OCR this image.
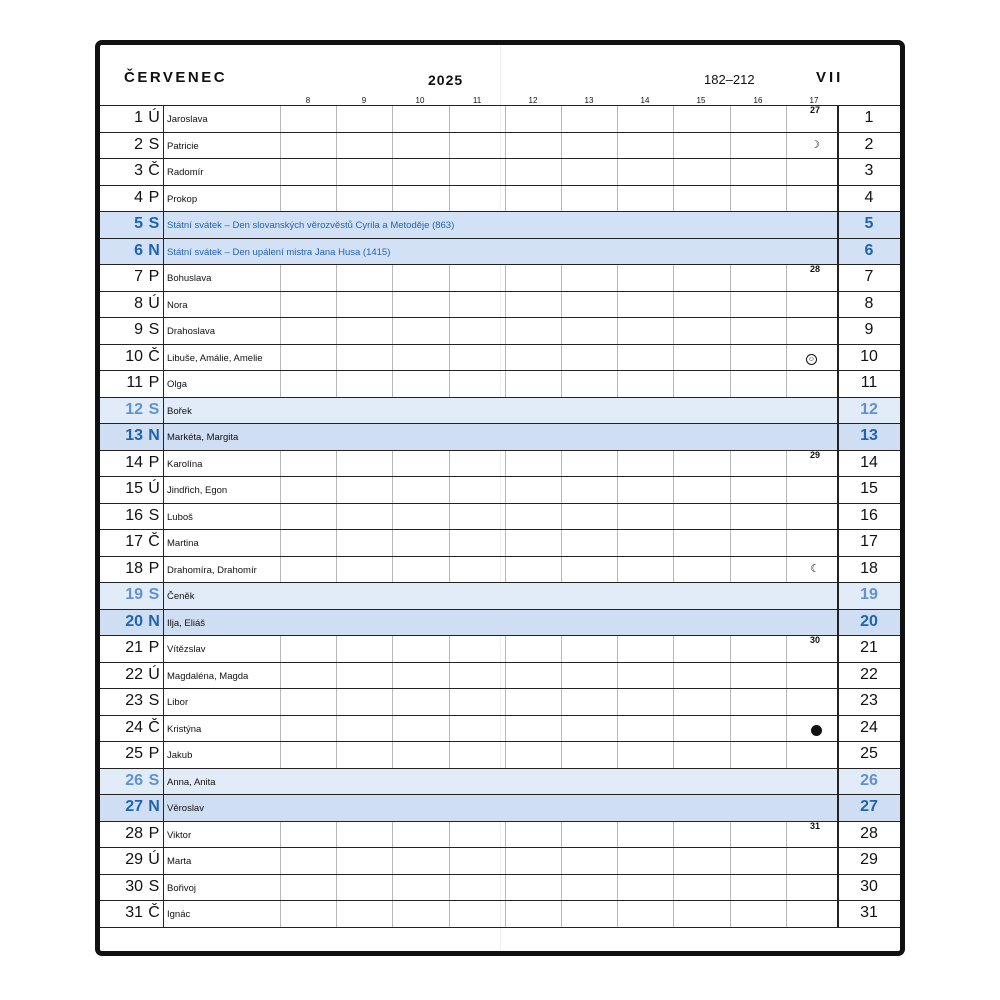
ČERVENEC	2025	182–212	VII
8	9	10	11	12	13	14	15	16	17
1 Ú Jaroslava	1
27
2 S Patricie	2
☽
3 Č Radomír	3
4 P Prokop	4
5 S Státní svátek – Den slovanských věrozvěstů Cyrila a Metoděje (863)	5
6 N Státní svátek – Den upálení mistra Jana Husa (1415)	6
7 P Bohuslava	7
28
8 Ú Nora	8
9 S Drahoslava	9
10 Č Libuše, Amálie, Amelie	10
☺
11 P Olga	11
12 S Bořek	12
13 N Markéta, Margita	13
14 P Karolína	14
29
15 Ú Jindřich, Egon	15
16 S Luboš	16
17 Č Martina	17
18 P Drahomíra, Drahomír	18
☾
19 S Čeněk	19
20 N Ilja, Eliáš	20
21 P Vítězslav	21
30
22 Ú Magdaléna, Magda	22
23 S Libor	23
24 Č Kristýna	24
25 P Jakub	25
26 S Anna, Anita	26
27 N Věroslav	27
28 P Viktor	28
31
29 Ú Marta	29
30 S Bořivoj	30
31 Č Ignác	31
